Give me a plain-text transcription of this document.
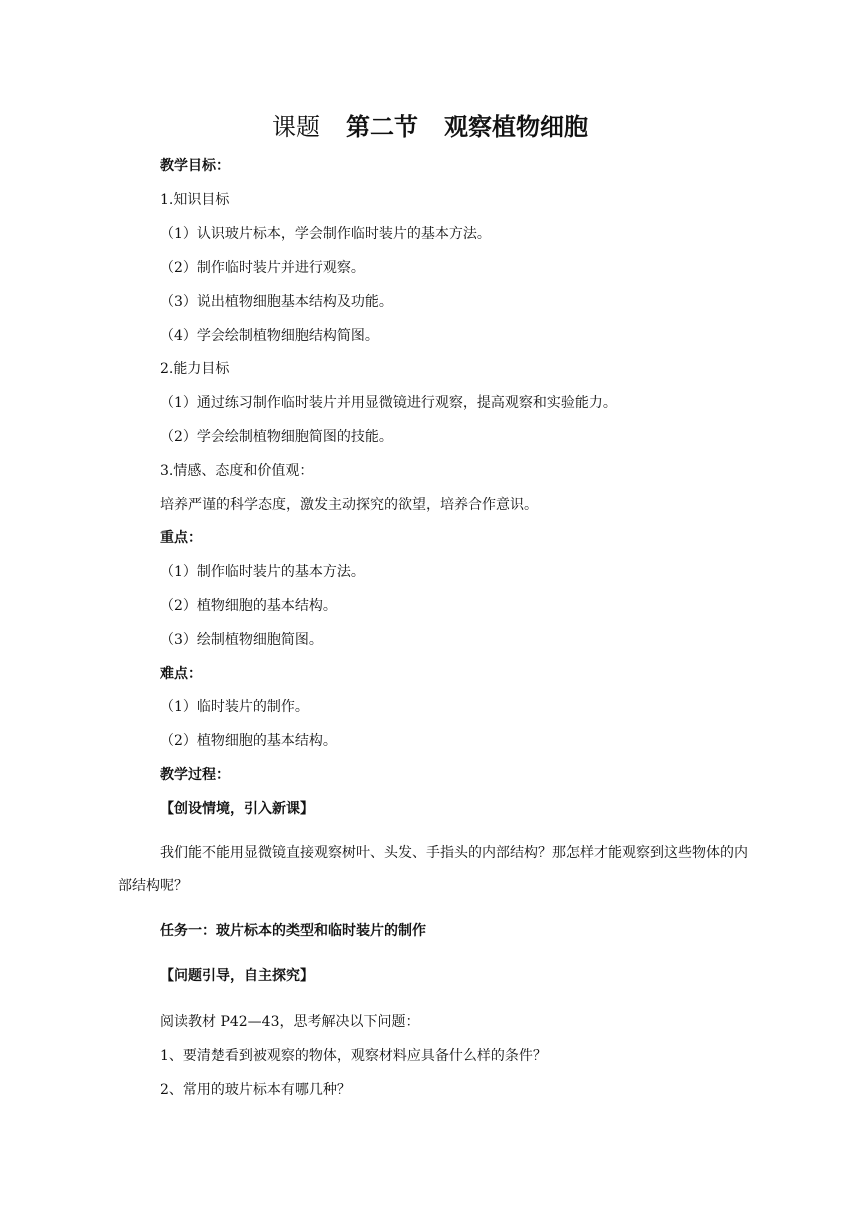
课题 第二节 观察植物细胞
教学目标：
1.知识目标
（1）认识玻片标本，学会制作临时装片的基本方法。
（2）制作临时装片并进行观察。
（3）说出植物细胞基本结构及功能。
（4）学会绘制植物细胞结构简图。
2.能力目标
（1）通过练习制作临时装片并用显微镜进行观察，提高观察和实验能力。
（2）学会绘制植物细胞简图的技能。
3.情感、态度和价值观：
培养严谨的科学态度，激发主动探究的欲望，培养合作意识。
重点：
（1）制作临时装片的基本方法。
（2）植物细胞的基本结构。
（3）绘制植物细胞简图。
难点：
（1）临时装片的制作。
（2）植物细胞的基本结构。
教学过程：
【创设情境，引入新课】
我们能不能用显微镜直接观察树叶、头发、手指头的内部结构？那怎样才能观察到这些物体的内部结构呢？
任务一：玻片标本的类型和临时装片的制作
【问题引导，自主探究】
阅读教材 P42—43，思考解决以下问题：
1、要清楚看到被观察的物体，观察材料应具备什么样的条件？
2、常用的玻片标本有哪几种？
